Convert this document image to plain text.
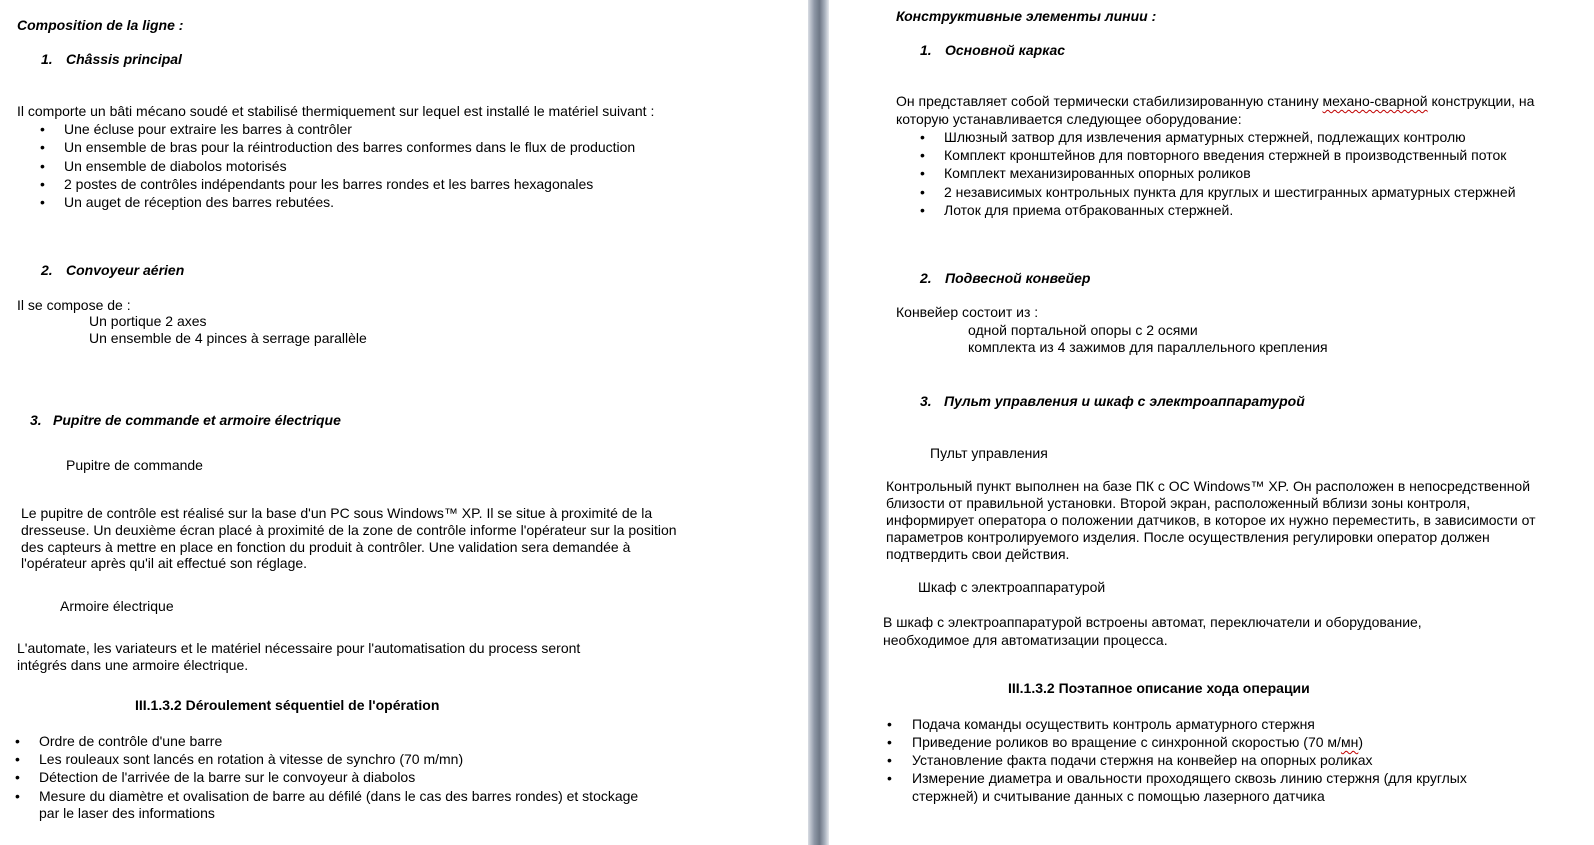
Composition de la ligne :
1. Châssis principal
Il comporte un bâti mécano soudé et stabilisé thermiquement sur lequel est installé le matériel suivant :
• Une écluse pour extraire les barres à contrôler
• Un ensemble de bras pour la réintroduction des barres conformes dans le flux de production
• Un ensemble de diabolos motorisés
• 2 postes de contrôles indépendants pour les barres rondes et les barres hexagonales
• Un auget de réception des barres rebutées.
2. Convoyeur aérien
Il se compose de :
Un portique 2 axes
Un ensemble de 4 pinces à serrage parallèle
3. Pupitre de commande et armoire électrique
Pupitre de commande
Le pupitre de contrôle est réalisé sur la base d'un PC sous Windows™ XP. Il se situe à proximité de la
dresseuse. Un deuxième écran placé à proximité de la zone de contrôle informe l'opérateur sur la position
des capteurs à mettre en place en fonction du produit à contrôler. Une validation sera demandée à
l'opérateur après qu'il ait effectué son réglage.
Armoire électrique
L'automate, les variateurs et le matériel nécessaire pour l'automatisation du process seront
intégrés dans une armoire électrique.
III.1.3.2 Déroulement séquentiel de l'opération
• Ordre de contrôle d'une barre
• Les rouleaux sont lancés en rotation à vitesse de synchro (70 m/mn)
• Détection de l'arrivée de la barre sur le convoyeur à diabolos
• Mesure du diamètre et ovalisation de barre au défilé (dans le cas des barres rondes) et stockage
par le laser des informations
Конструктивные элементы линии :
1. Основной каркас
Он представляет собой термически стабилизированную станину механо-сварной конструкции, на
которую устанавливается следующее оборудование:
• Шлюзный затвор для извлечения арматурных стержней, подлежащих контролю
• Комплект кронштейнов для повторного введения стержней в производственный поток
• Комплект механизированных опорных роликов
• 2 независимых контрольных пункта для круглых и шестигранных арматурных стержней
• Лоток для приема отбракованных стержней.
2. Подвесной конвейер
Конвейер состоит из :
одной портальной опоры с 2 осями
комплекта из 4 зажимов для параллельного крепления
3. Пульт управления и шкаф с электроаппаратурой
Пульт управления
Контрольный пункт выполнен на базе ПК с ОС Windows™ XP. Он расположен в непосредственной
близости от правильной установки. Второй экран, расположенный вблизи зоны контроля,
информирует оператора о положении датчиков, в которое их нужно переместить, в зависимости от
параметров контролируемого изделия. После осуществления регулировки оператор должен
подтвердить свои действия.
Шкаф с электроаппаратурой
В шкаф с электроаппаратурой встроены автомат, переключатели и оборудование,
необходимое для автоматизации процесса.
III.1.3.2 Поэтапное описание хода операции
• Подача команды осуществить контроль арматурного стержня
• Приведение роликов во вращение с синхронной скоростью (70 м/мн)
• Установление факта подачи стержня на конвейер на опорных роликах
• Измерение диаметра и овальности проходящего сквозь линию стержня (для круглых
стержней) и считывание данных с помощью лазерного датчика
